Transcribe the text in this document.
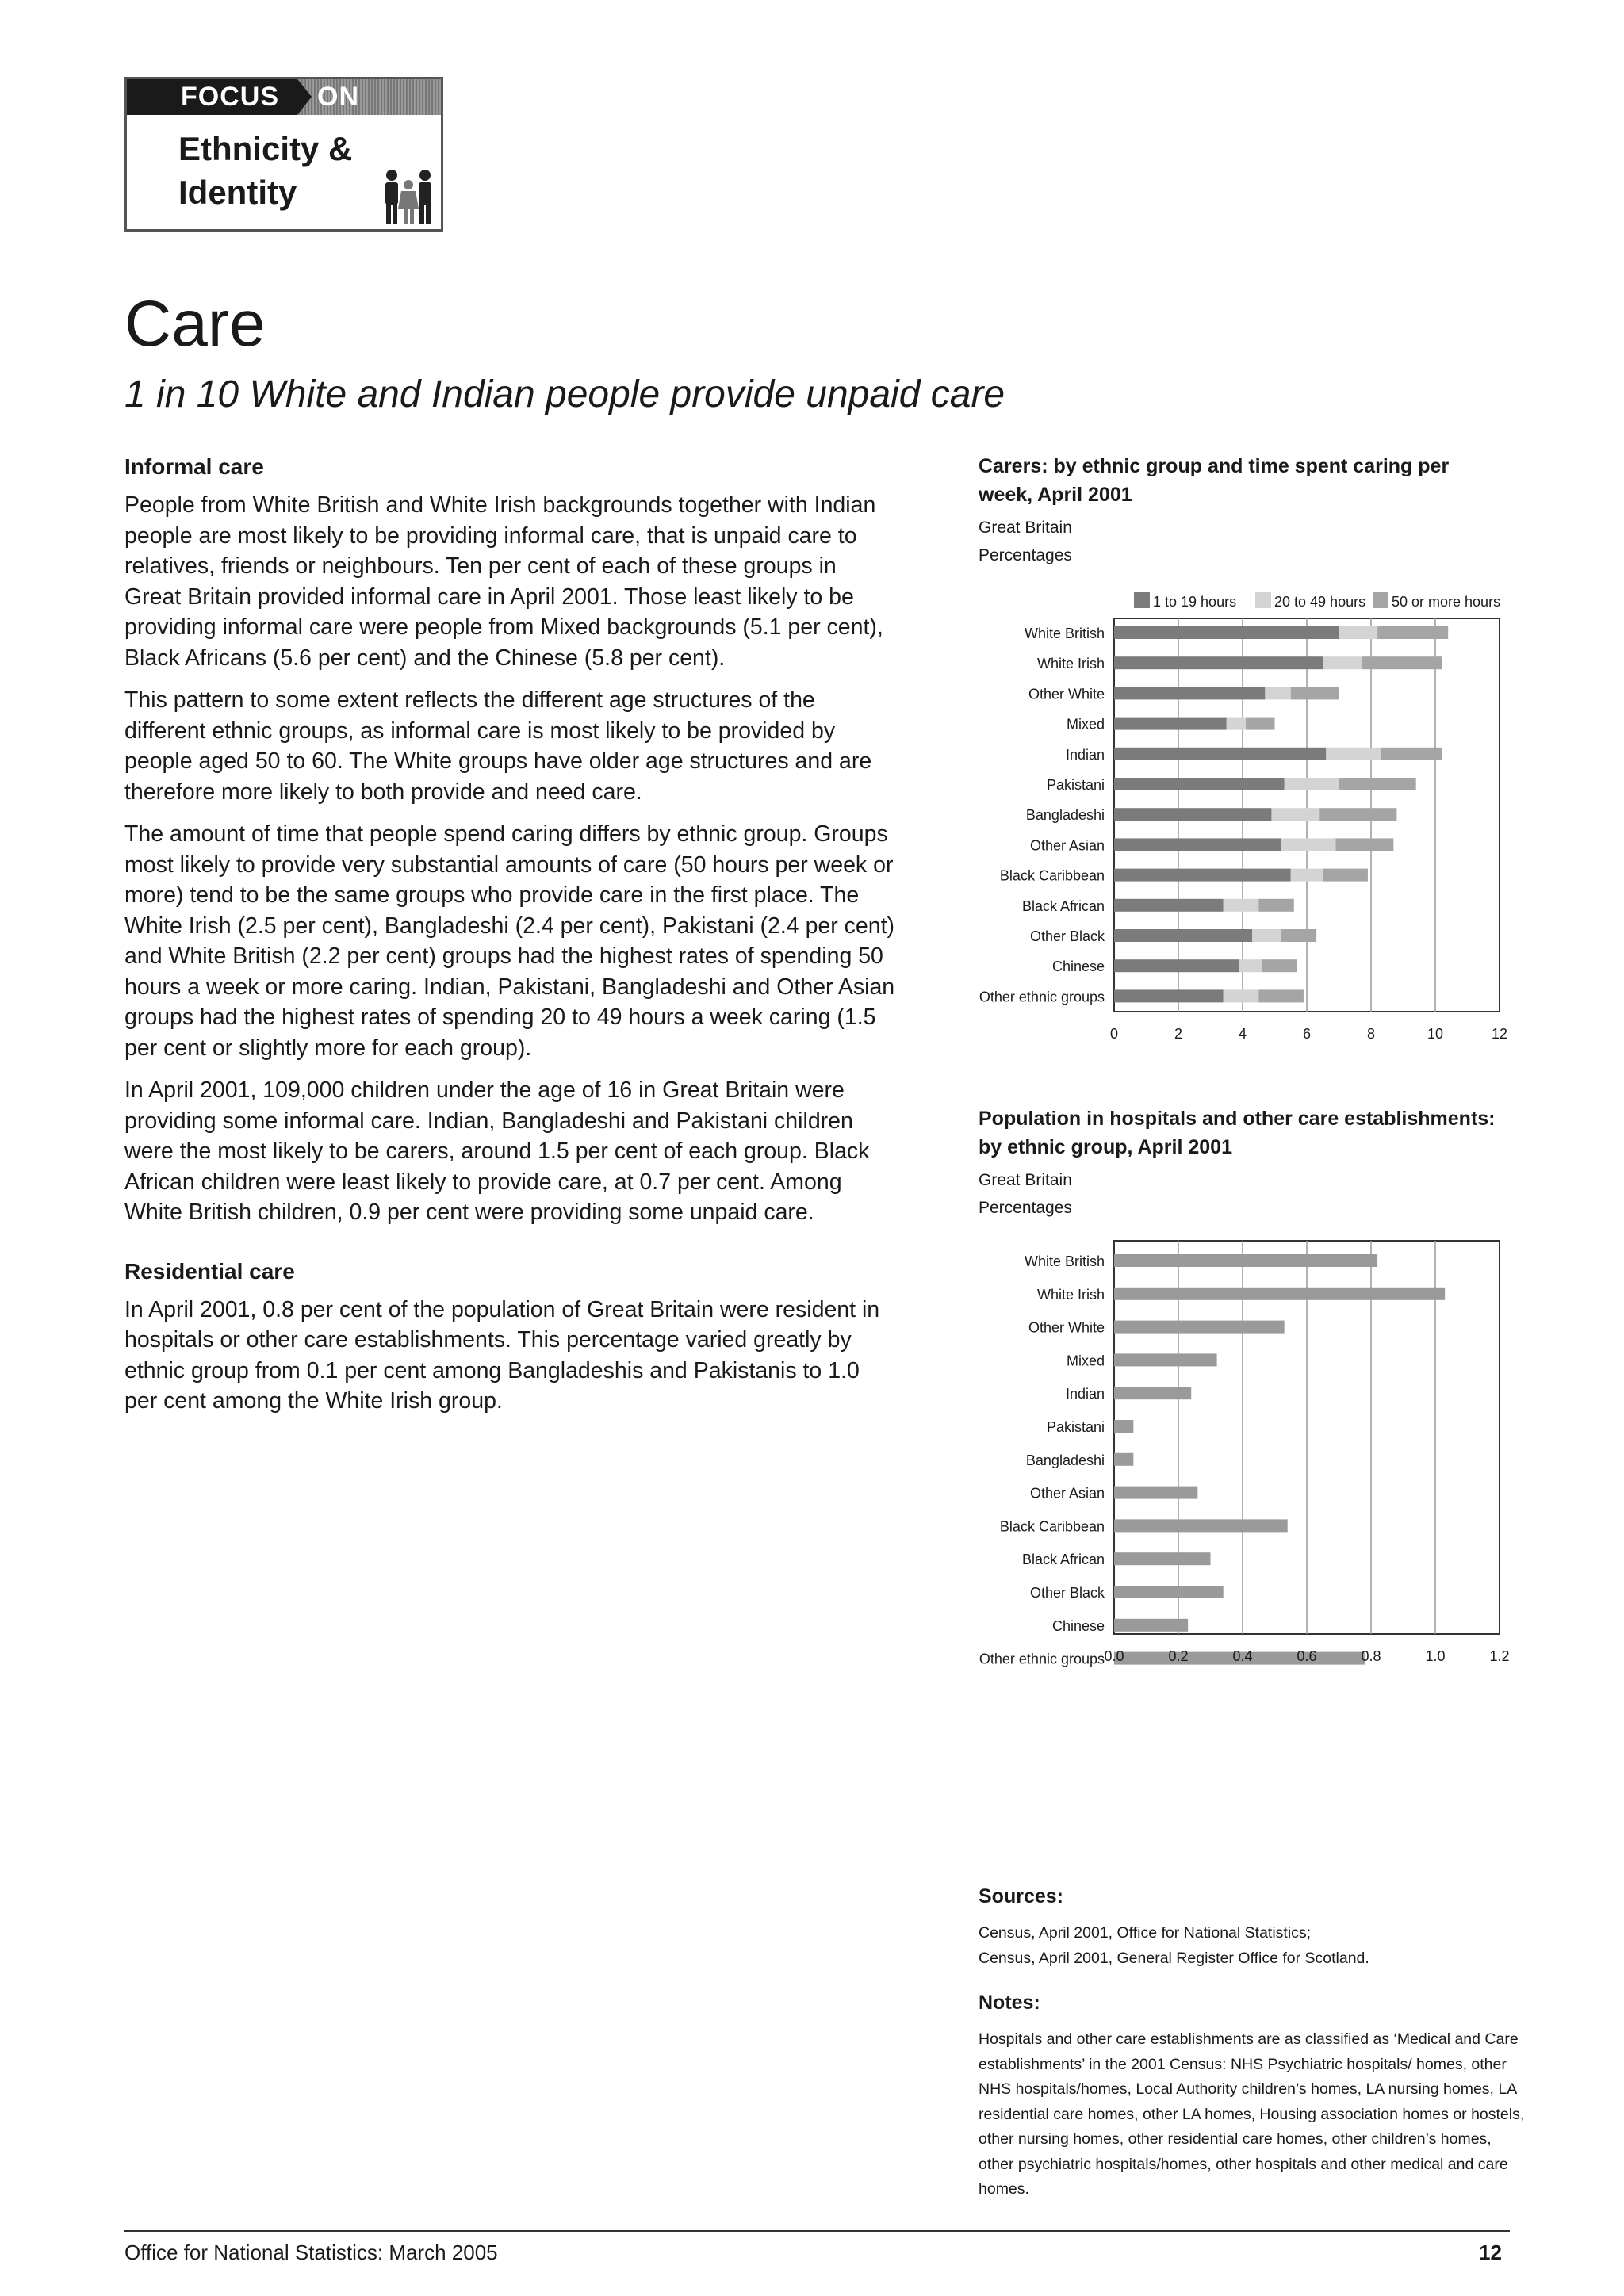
FOCUS	ON
Ethnicity &
Identity
Care
1 in 10 White and Indian people provide unpaid care
Informal care

People from White British and White Irish backgrounds together with Indian people are most likely to be providing informal care, that is unpaid care to relatives, friends or neighbours. Ten per cent of each of these groups in Great Britain provided informal care in April 2001. Those least likely to be providing informal care were people from Mixed backgrounds (5.1 per cent), Black Africans (5.6 per cent) and the Chinese (5.8 per cent).

This pattern to some extent reflects the different age structures of the different ethnic groups, as informal care is most likely to be provided by people aged 50 to 60. The White groups have older age structures and are therefore more likely to both provide and need care.

The amount of time that people spend caring differs by ethnic group. Groups most likely to provide very substantial amounts of care (50 hours per week or more) tend to be the same groups who provide care in the first place. The White Irish (2.5 per cent), Bangladeshi (2.4 per cent), Pakistani (2.4 per cent) and White British (2.2 per cent) groups had the highest rates of spending 50 hours a week or more caring. Indian, Pakistani, Bangladeshi and Other Asian groups had the highest rates of spending 20 to 49 hours a week caring (1.5 per cent or slightly more for each group).

In April 2001, 109,000 children under the age of 16 in Great Britain were providing some informal care. Indian, Bangladeshi and Pakistani children were the most likely to be carers, around 1.5 per cent of each group. Black African children were least likely to provide care, at 0.7 per cent. Among White British children, 0.9 per cent were providing some unpaid care.

Residential care

In April 2001, 0.8 per cent of the population of Great Britain were resident in hospitals or other care establishments. This percentage varied greatly by ethnic group from 0.1 per cent among Bangladeshis and Pakistanis to 1.0 per cent among the White Irish group.

Carers: by ethnic group and time spent caring per
week, April 2001
Great Britain
Percentages
1 to 19 hours	20 to 49 hours 50 or more hours
White British
White Irish
Other White
Mixed
Indian
Pakistani
Bangladeshi
Other Asian
Black Caribbean
Black African
Other Black
Chinese
Other ethnic groups
0	2	4	6	8	10	12
Population in hospitals and other care establishments:
by ethnic group, April 2001
Great Britain
Percentages
White British
White Irish
Other White
Mixed
Indian
Pakistani
Bangladeshi
Other Asian
Black Caribbean
Black African
Other Black
Chinese
Other ethnic groups 0.0	0.2	0.4	0.6	0.8	1.0	1.2
Sources:

Census, April 2001, Office for National Statistics;

Census, April 2001, General Register Office for Scotland.

Notes:

Hospitals and other care establishments are as classified as ‘Medical and Care establishments’ in the 2001 Census: NHS Psychiatric hospitals/ homes, other NHS hospitals/homes, Local Authority children’s homes, LA nursing homes, LA residential care homes, other LA homes, Housing association homes or hostels, other nursing homes, other residential care homes, other children’s homes, other psychiatric hospitals/homes, other hospitals and other medical and care homes.

Office for National Statistics: March 2005	12
